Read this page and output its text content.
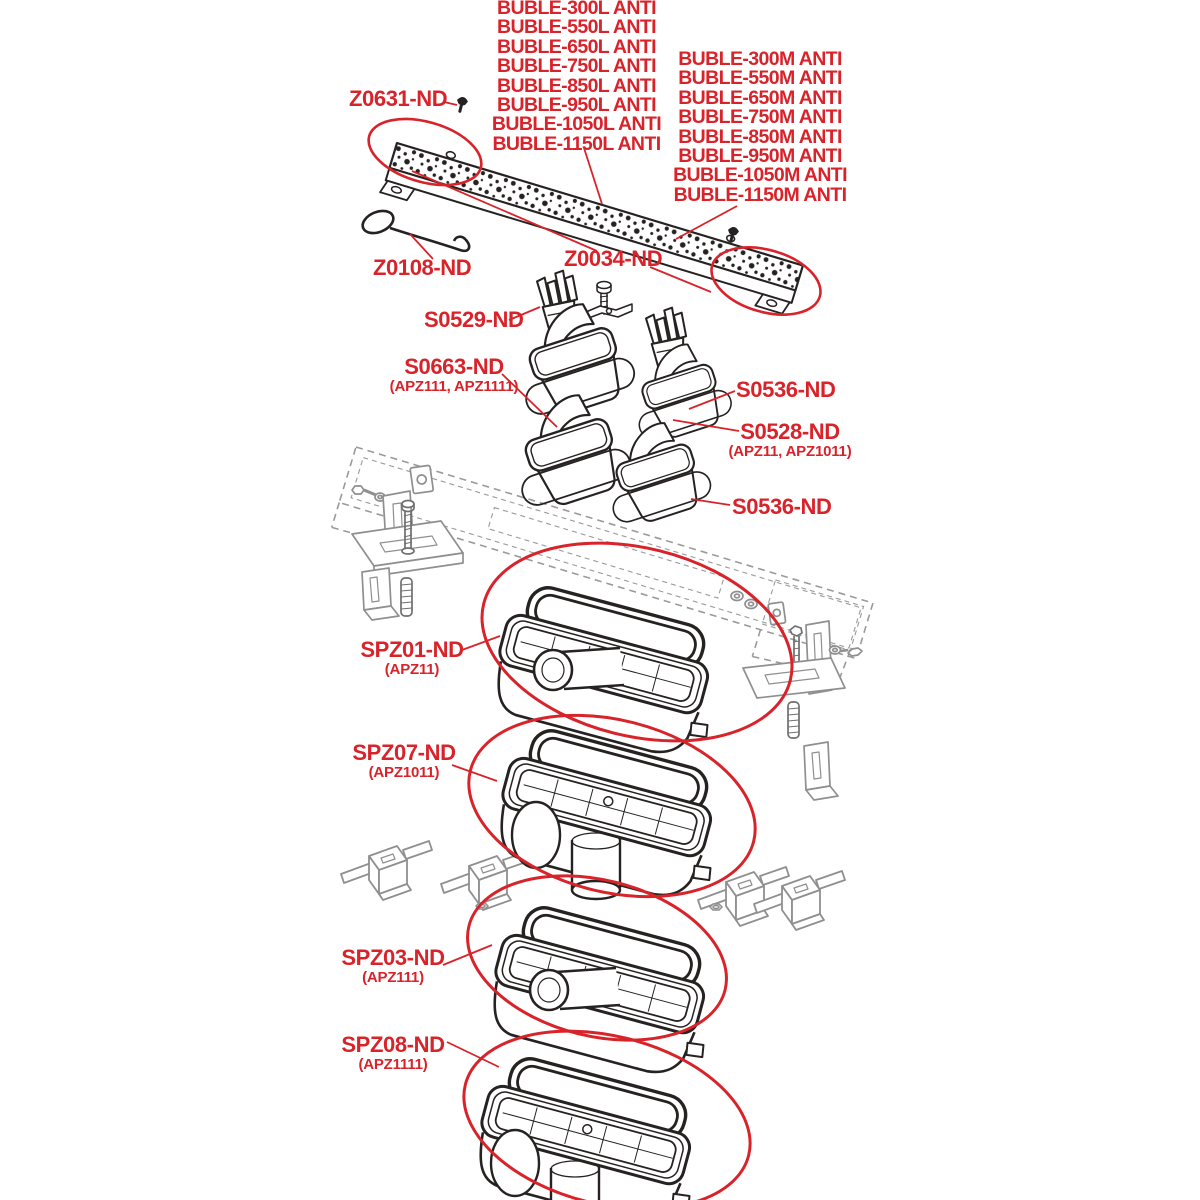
BUBLE-300L ANTI
BUBLE-550L ANTI
BUBLE-650L ANTI
BUBLE-750L ANTI
BUBLE-850L ANTI
BUBLE-950L ANTI
BUBLE-1050L ANTI
BUBLE-1150L ANTI
BUBLE-300M ANTI
BUBLE-550M ANTI
BUBLE-650M ANTI
BUBLE-750M ANTI
BUBLE-850M ANTI
BUBLE-950M ANTI
BUBLE-1050M ANTI
BUBLE-1150M ANTI
Z0631-ND
Z0108-ND	Z0034-ND
S0529-ND
S0663-ND
(APZ111, APZ1111)	S0536-ND
S0528-ND
(APZ11, APZ1011)
S0536-ND
SPZ01-ND
(APZ11)
SPZ07-ND
(APZ1011)
SPZ03-ND
(APZ111)
SPZ08-ND
(APZ1111)
